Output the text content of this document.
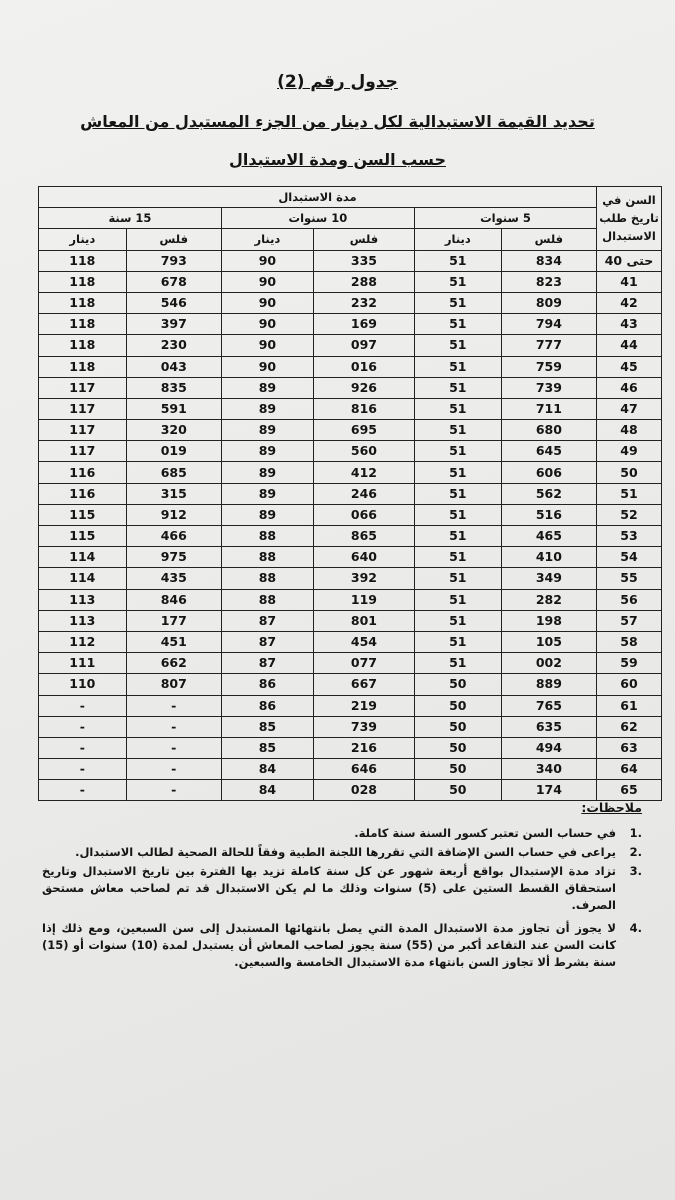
جدول رقم (2)
تحديد القيمة الاستبدالية لكل دينار من الجزء المستبدل من المعاش
حسب السن ومدة الاستبدال
السن في تاريخ طلب الاستبدال	مدة الاستبدال					
	5 سنوات		10 سنوات		15 سنة	
	فلس	دينار	فلس	دينار	فلس	دينار
حتى 40	834	51	335	90	793	118
41	823	51	288	90	678	118
42	809	51	232	90	546	118
43	794	51	169	90	397	118
44	777	51	097	90	230	118
45	759	51	016	90	043	118
46	739	51	926	89	835	117
47	711	51	816	89	591	117
48	680	51	695	89	320	117
49	645	51	560	89	019	117
50	606	51	412	89	685	116
51	562	51	246	89	315	116
52	516	51	066	89	912	115
53	465	51	865	88	466	115
54	410	51	640	88	975	114
55	349	51	392	88	435	114
56	282	51	119	88	846	113
57	198	51	801	87	177	113
58	105	51	454	87	451	112
59	002	51	077	87	662	111
60	889	50	667	86	807	110
61	765	50	219	86	-	-
62	635	50	739	85	-	-
63	494	50	216	85	-	-
64	340	50	646	84	-	-
65	174	50	028	84	-	-
ملاحظات:
.1
في حساب السن تعتبر كسور السنة سنة كاملة.
.2
يراعى في حساب السن الإضافة التي تقررها اللجنة الطبية وفقاً للحالة الصحية لطالب الاستبدال.
.3
تزاد مدة الإستبدال بواقع أربعة شهور عن كل سنة كاملة تزيد بها الفترة بين تاريخ الاستبدال وتاريخ استحقاق القسط الستين على (5) سنوات وذلك ما لم يكن الاستبدال قد تم لصاحب معاش مستحق الصرف.
.4
لا يجوز أن تجاوز مدة الاستبدال المدة التي يصل بانتهائها المستبدل إلى سن السبعين، ومع ذلك إذا كانت السن عند التقاعد أكبر من (55) سنة يجوز لصاحب المعاش أن يستبدل لمدة (10) سنوات أو (15) سنة بشرط ألا تجاوز السن بانتهاء مدة الاستبدال الخامسة والسبعين.
